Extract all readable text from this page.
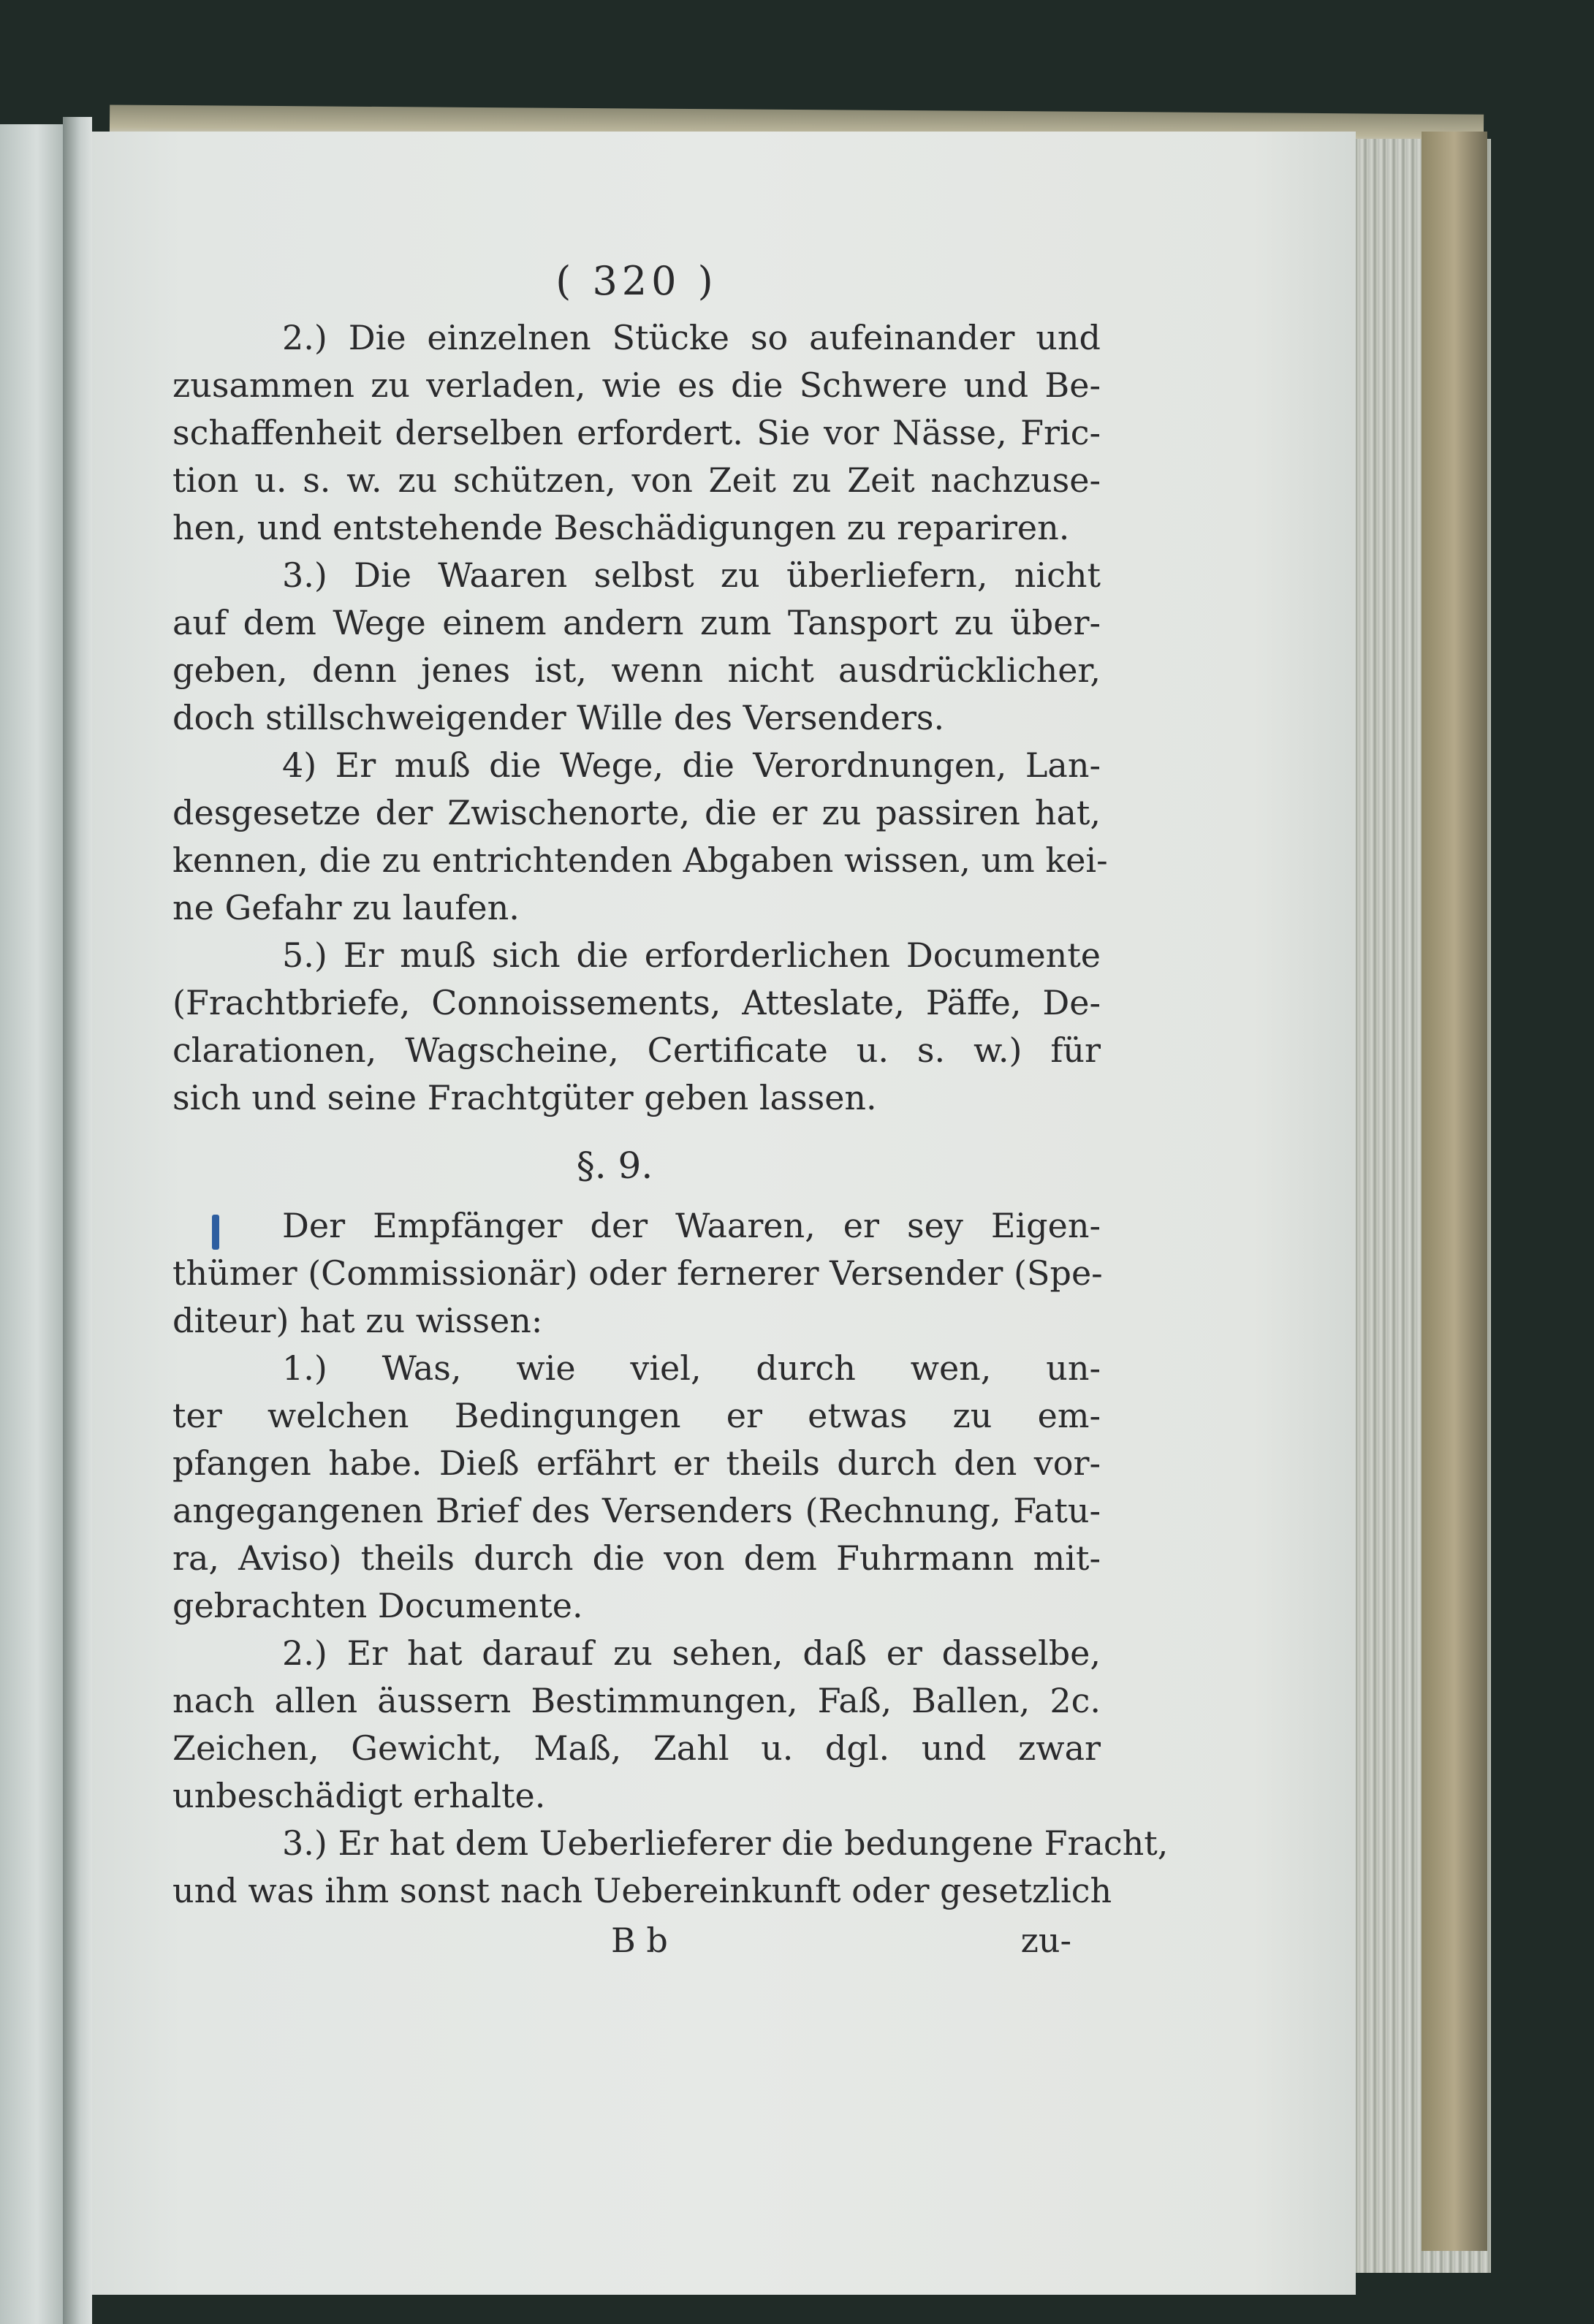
( 320 )
2.) Die einzelnen Stücke so aufeinander und
zusammen zu verladen, wie es die Schwere und Be-
schaffenheit derselben erfordert. Sie vor Nässe, Fric-
tion u. s. w. zu schützen, von Zeit zu Zeit nachzuse-
hen, und entstehende Beschädigungen zu repariren.
3.) Die Waaren selbst zu überliefern, nicht
auf dem Wege einem andern zum Tansport zu über-
geben, denn jenes ist, wenn nicht ausdrücklicher,
doch stillschweigender Wille des Versenders.
4) Er muß die Wege, die Verordnungen, Lan-
desgesetze der Zwischenorte, die er zu passiren hat,
kennen, die zu entrichtenden Abgaben wissen, um kei-
ne Gefahr zu laufen.
5.) Er muß sich die erforderlichen Documente
(Frachtbriefe, Connoissements, Atteslate, Päffe, De-
clarationen, Wagscheine, Certificate u. s. w.) für
sich und seine Frachtgüter geben lassen.
§. 9.
Der Empfänger der Waaren, er sey Eigen-
thümer (Commissionär) oder fernerer Versender (Spe-
diteur) hat zu wissen:
1.) Was, wie viel, durch wen, un-
ter welchen Bedingungen er etwas zu em-
pfangen habe. Dieß erfährt er theils durch den vor-
angegangenen Brief des Versenders (Rechnung, Fatu-
ra, Aviso) theils durch die von dem Fuhrmann mit-
gebrachten Documente.
2.) Er hat darauf zu sehen, daß er dasselbe,
nach allen äussern Bestimmungen, Faß, Ballen, 2c.
Zeichen, Gewicht, Maß, Zahl u. dgl. und zwar
unbeschädigt erhalte.
3.) Er hat dem Ueberlieferer die bedungene Fracht,
und was ihm sonst nach Uebereinkunft oder gesetzlich
B b	zu-
